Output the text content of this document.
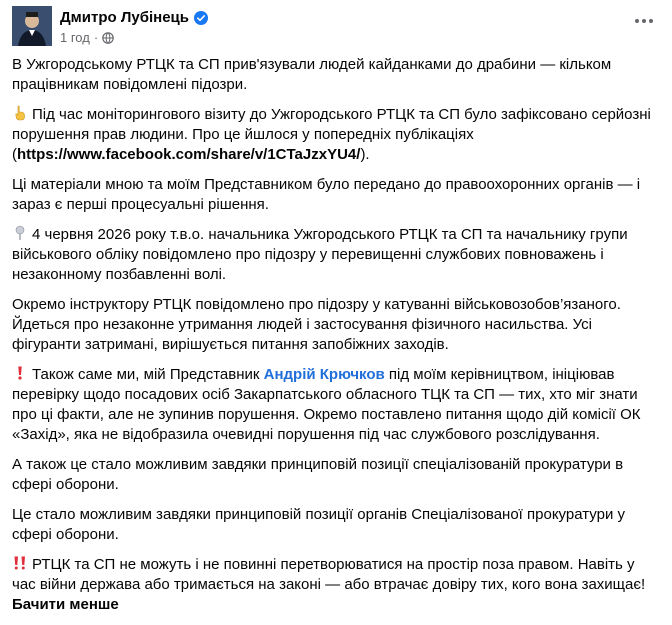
Дмитро Лубінець
1 год ·

В Ужгородському РТЦК та СП прив'язували людей кайданками до драбини — кільком працівникам повідомлені підозри.

Під час моніторингового візиту до Ужгородського РТЦК та СП було зафіксовано серйозні порушення прав людини. Про це йшлося у попередніх публікаціях (https://www.facebook.com/share/v/1CTaJzxYU4/).

Ці матеріали мною та моїм Представником було передано до правоохоронних органів — і зараз є перші процесуальні рішення.

4 червня 2026 року т.в.о. начальника Ужгородського РТЦК та СП та начальнику групи військового обліку повідомлено про підозру у перевищенні службових повноважень і незаконному позбавленні волі.

Окремо інструктору РТЦК повідомлено про підозру у катуванні військовозобов’язаного. Йдеться про незаконне утримання людей і застосування фізичного насильства. Усі фігуранти затримані, вирішується питання запобіжних заходів.

Також саме ми, мій Представник Андрій Крючков під моїм керівництвом, ініціював перевірку щодо посадових осіб Закарпатського обласного ТЦК та СП — тих, хто міг знати про ці факти, але не зупинив порушення. Окремо поставлено питання щодо дій комісії ОК «Захід», яка не відобразила очевидні порушення під час службового розслідування.

А також це стало можливим завдяки принциповій позиції спеціалізованій прокуратури в сфері оборони.

Це стало можливим завдяки принциповій позиції органів Спеціалізованої прокуратури у сфері оборони.

РТЦК та СП не можуть і не повинні перетворюватися на простір поза правом. Навіть у час війни держава або тримається на законі — або втрачає довіру тих, кого вона захищає! Бачити менше
